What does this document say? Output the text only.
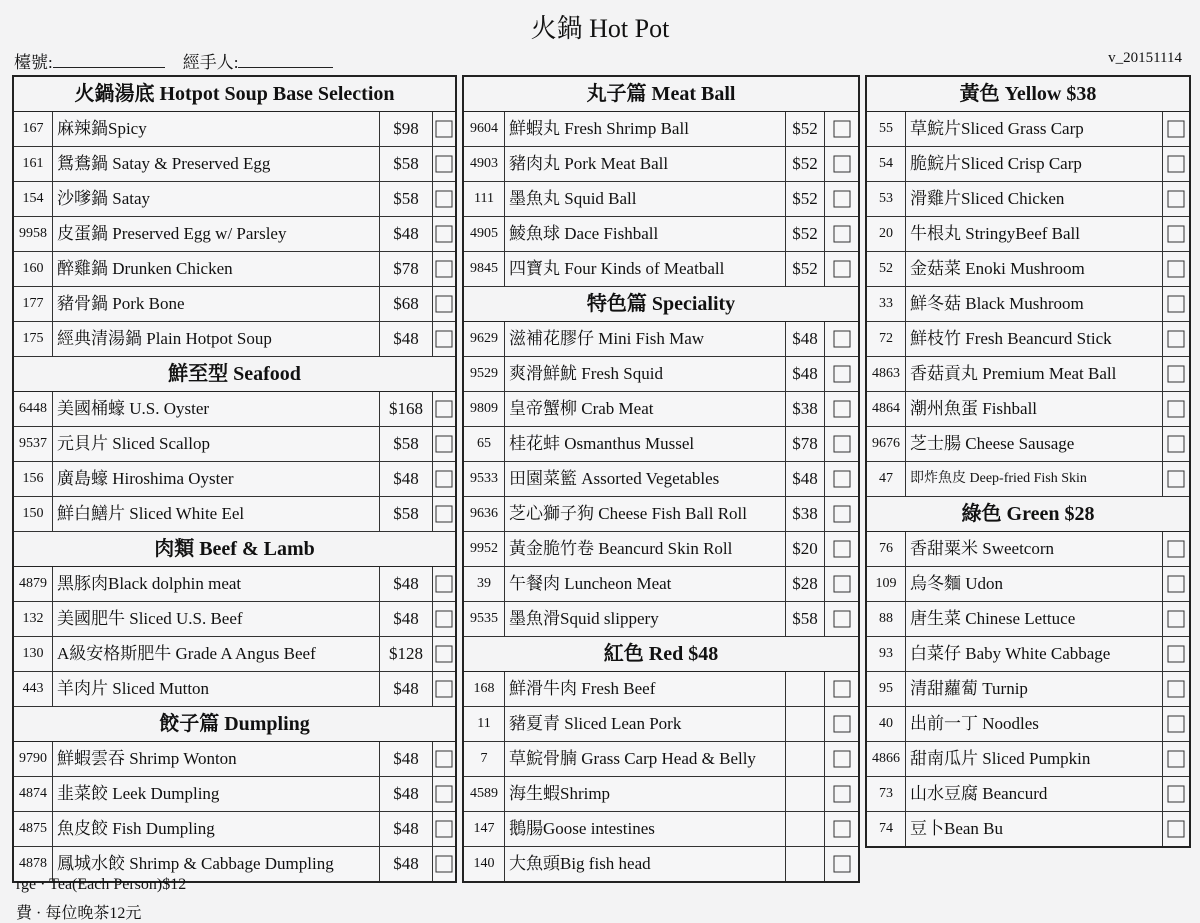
火鍋 Hot Pot
檯號:	經手人:	v_20151114
火鍋湯底 Hotpot Soup Base Selection
167 麻辣鍋Spicy	$98
161 鴛鴦鍋 Satay & Preserved Egg	$58
154 沙嗲鍋 Satay	$58
9958 皮蛋鍋 Preserved Egg w/ Parsley	$48
160 醉雞鍋 Drunken Chicken	$78
177 豬骨鍋 Pork Bone	$68
175 經典清湯鍋 Plain Hotpot Soup	$48
鮮至型 Seafood
6448 美國桶蠔 U.S. Oyster	$168
9537 元貝片 Sliced Scallop	$58
156 廣島蠔 Hiroshima Oyster	$48
150 鮮白鱔片 Sliced White Eel	$58
肉類 Beef & Lamb
4879 黑豚肉Black dolphin meat	$48
132 美國肥牛 Sliced U.S. Beef	$48
130 A級安格斯肥牛 Grade A Angus Beef	$128
443 羊肉片 Sliced Mutton	$48
餃子篇 Dumpling
9790 鮮蝦雲吞 Shrimp Wonton	$48
4874 韭菜餃 Leek Dumpling	$48
4875 魚皮餃 Fish Dumpling	$48
4878 鳳城水餃 Shrimp & Cabbage Dumpling	$48
丸子篇 Meat Ball
9604 鮮蝦丸 Fresh Shrimp Ball	$52
4903 豬肉丸 Pork Meat Ball	$52
111 墨魚丸 Squid Ball	$52
4905 鯪魚球 Dace Fishball	$52
9845 四寶丸 Four Kinds of Meatball	$52
特色篇 Speciality
9629 滋補花膠仔 Mini Fish Maw	$48
9529 爽滑鮮魷 Fresh Squid	$48
9809 皇帝蟹柳 Crab Meat	$38
65	桂花蚌 Osmanthus Mussel	$78
9533 田園菜籃 Assorted Vegetables	$48
9636 芝心獅子狗 Cheese Fish Ball Roll	$38
9952 黃金脆竹卷 Beancurd Skin Roll	$20
39	午餐肉 Luncheon Meat	$28
9535 墨魚滑Squid slippery	$58
紅色 Red $48
168 鮮滑牛肉 Fresh Beef
11	豬夏青 Sliced Lean Pork
7	草鯇骨腩 Grass Carp Head & Belly
4589 海生蝦Shrimp
147 鵝腸Goose intestines
140 大魚頭Big fish head
黃色 Yellow $38
55	草鯇片Sliced Grass Carp
54	脆鯇片Sliced Crisp Carp
53	滑雞片Sliced Chicken
20	牛根丸 StringyBeef Ball
52	金菇菜 Enoki Mushroom
33	鮮冬菇 Black Mushroom
72	鮮枝竹 Fresh Beancurd Stick
4863 香菇貢丸 Premium Meat Ball
4864 潮州魚蛋 Fishball
9676 芝士腸 Cheese Sausage
47	即炸魚皮 Deep-fried Fish Skin
綠色 Green $28
76	香甜粟米 Sweetcorn
109 烏冬麵 Udon
88	唐生菜 Chinese Lettuce
93	白菜仔 Baby White Cabbage
95	清甜蘿蔔 Turnip
40	出前一丁 Noodles
4866 甜南瓜片 Sliced Pumpkin
73	山水豆腐 Beancurd
74	豆卜Bean Bu
rge · Tea(Each Person)$12
費 · 每位晚茶12元
